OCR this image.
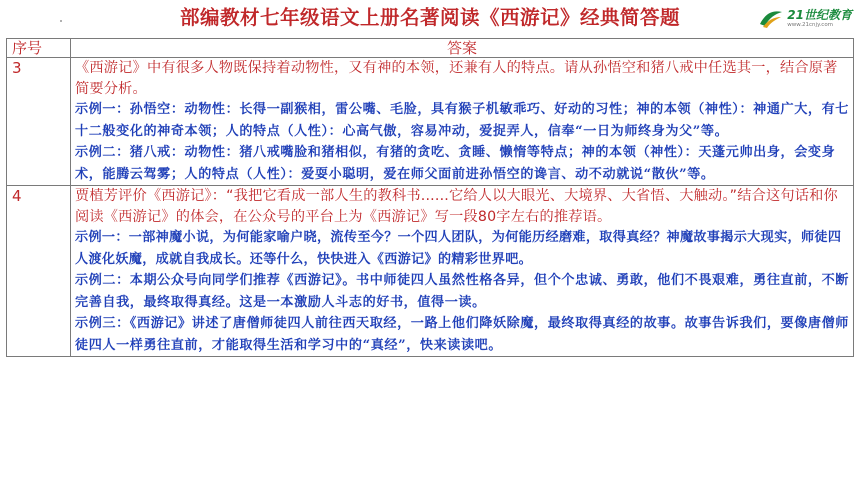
部编教材七年级语文上册名著阅读《西游记》经典简答题	21世纪教育
www.21cnjy.com
序号	答案
3	《西游记》中有很多人物既保持着动物性，又有神的本领，还兼有人的特点。请从孙悟空和猪八戒中任选其一，结合原著简要分析。
示例一：孙悟空：动物性：长得一副猴相，雷公嘴、毛脸，具有猴子机敏乖巧、好动的习性；神的本领（神性）：神通广大，有七十二般变化的神奇本领；人的特点（人性）：心高气傲，容易冲动，爱捉弄人，信奉“一日为师终身为父”等。
示例二：猪八戒：动物性：猪八戒嘴脸和猪相似，有猪的贪吃、贪睡、懒惰等特点；神的本领（神性）：天蓬元帅出身，会变身术，能腾云驾雾；人的特点（人性）：爱耍小聪明，爱在师父面前进孙悟空的谗言、动不动就说“散伙”等。

4	贾植芳评价《西游记》：“我把它看成一部人生的教科书......它给人以大眼光、大境界、大省悟、大触动。”结合这句话和你阅读《西游记》的体会，在公众号的平台上为《西游记》写一段80字左右的推荐语。
示例一：一部神魔小说，为何能家喻户晓，流传至今？一个四人团队，为何能历经磨难，取得真经？神魔故事揭示大现实，师徒四人渡化妖魔，成就自我成长。还等什么，快快进入《西游记》的精彩世界吧。
示例二：本期公众号向同学们推荐《西游记》。书中师徒四人虽然性格各异，但个个忠诚、勇敢，他们不畏艰难，勇往直前，不断完善自我，最终取得真经。这是一本激励人斗志的好书，值得一读。
示例三：《西游记》讲述了唐僧师徒四人前往西天取经，一路上他们降妖除魔，最终取得真经的故事。故事告诉我们，要像唐僧师徒四人一样勇往直前，才能取得生活和学习中的“真经”，快来读读吧。
